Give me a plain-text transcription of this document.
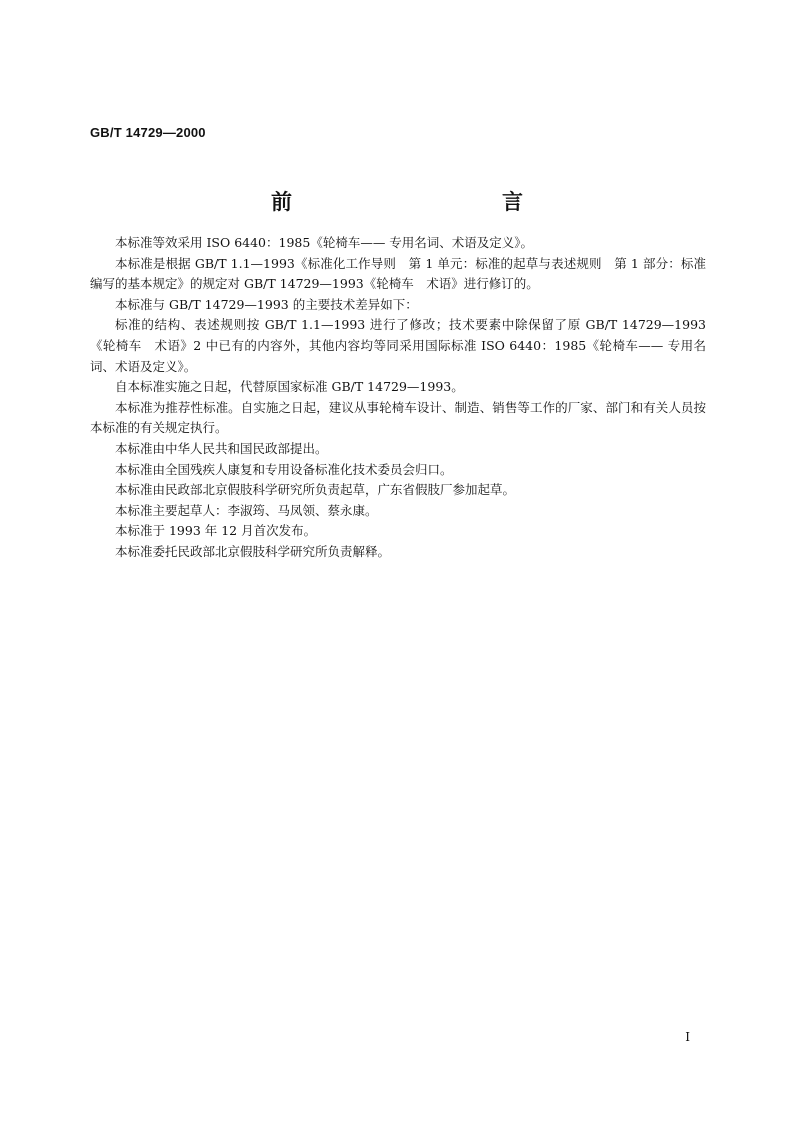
GB/T 14729—2000
前　　言

本标准等效采用 ISO 6440：1985《轮椅车—— 专用名词、术语及定义》。

本标准是根据 GB/T 1.1—1993《标准化工作导则　第 1 单元：标准的起草与表述规则　第 1 部分：标准编写的基本规定》的规定对 GB/T 14729—1993《轮椅车　术语》进行修订的。

本标准与 GB/T 14729—1993 的主要技术差异如下：

标准的结构、表述规则按 GB/T 1.1—1993 进行了修改；技术要素中除保留了原 GB/T 14729—1993《轮椅车　术语》2 中已有的内容外，其他内容均等同采用国际标准 ISO 6440：1985《轮椅车—— 专用名词、术语及定义》。

自本标准实施之日起，代替原国家标准 GB/T 14729—1993。

本标准为推荐性标准。自实施之日起，建议从事轮椅车设计、制造、销售等工作的厂家、部门和有关人员按本标准的有关规定执行。

本标准由中华人民共和国民政部提出。

本标准由全国残疾人康复和专用设备标准化技术委员会归口。

本标准由民政部北京假肢科学研究所负责起草，广东省假肢厂参加起草。

本标准主要起草人：李淑筠、马凤领、蔡永康。

本标准于 1993 年 12 月首次发布。

本标准委托民政部北京假肢科学研究所负责解释。

I
